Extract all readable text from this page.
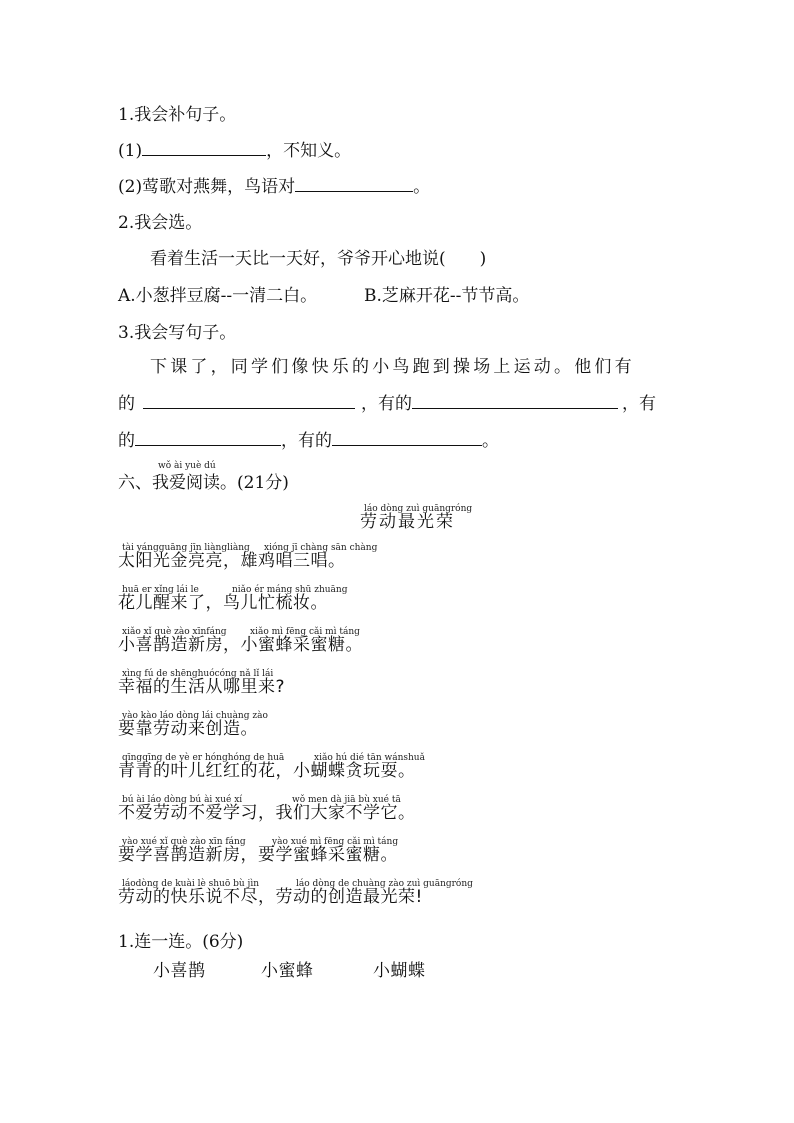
1.我会补句子。
(1)	，不知义。
(2)莺歌对燕舞，鸟语对	。
2.我会选。
看着生活一天比一天好，爷爷开心地说(　　)
A.小葱拌豆腐--一清二白。	B.芝麻开花--节节高。
3.我会写句子。
下课了，同学们像快乐的小鸟跑到操场上运动。他们有
的	，有的	，有
的	，有的	。
六、
wǒ ài yuè dú
我爱阅读 。(21分)
láo dòng zuì guāngróng
劳动最光荣
tài yángguāng jīn liàngliàng xióng jī chàng sān chàng
太阳光金亮亮，雄鸡唱三唱。
huā er xǐng lái le	niǎo ér máng shū zhuāng
花儿醒来了，鸟儿忙梳妆。
xiǎo xǐ què zào xīnfáng	xiǎo mì fēng cǎi mì táng
小喜鹊造新房，小蜜蜂采蜜糖。
xìng fú de shēnghuócóng nǎ lǐ lái
幸福的生活从哪里来?
yào kào láo dòng lái chuàng zào
要靠劳动来创造。
qīngqīng de yè er hónghóng de huā	xiǎo hú dié tān wánshuǎ
青青的叶儿红红的花，小蝴蝶贪玩耍。
bú ài láo dòng bú ài xué xí	wǒ men dà jiā bù xué tā
不爱劳动不爱学习，我们大家不学它。
yào xué xǐ què zào xīn fáng	yào xué mì fēng cǎi mì táng
要学喜鹊造新房，要学蜜蜂采蜜糖。
láodòng de kuài lè shuō bù jìn	láo dòng de chuàng zào zuì guāngróng
劳动的快乐说不尽，劳动的创造最光荣!
1.连一连。(6分)
小喜鹊	小蜜蜂	小蝴蝶
